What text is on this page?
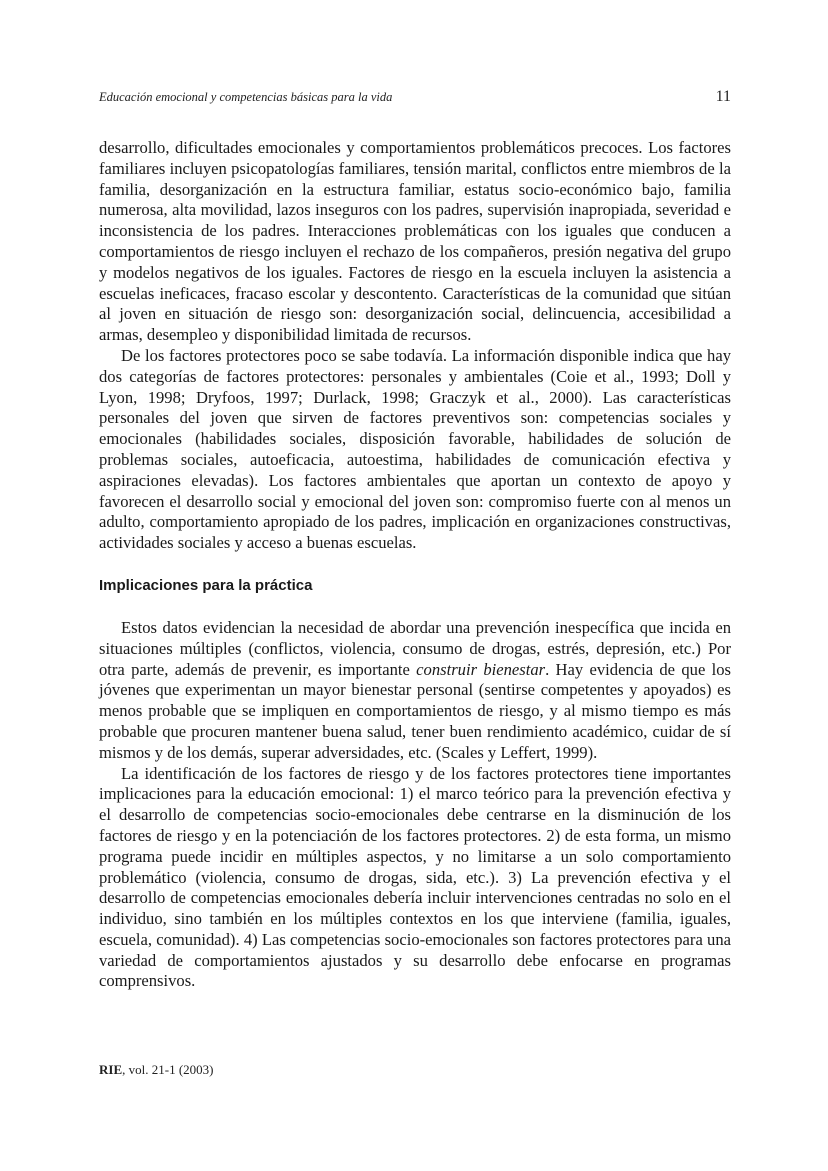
Educación emocional y competencias básicas para la vida	11

desarrollo, dificultades emocionales y comportamientos problemáticos precoces. Los factores familiares incluyen psicopatologías familiares, tensión marital, conflictos entre miembros de la familia, desorganización en la estructura familiar, estatus socio-económico bajo, familia numerosa, alta movilidad, lazos inseguros con los padres, supervisión inapropiada, severidad e inconsistencia de los padres. Interacciones problemáticas con los iguales que conducen a comportamientos de riesgo incluyen el rechazo de los compañeros, presión negativa del grupo y modelos negativos de los iguales. Factores de riesgo en la escuela incluyen la asistencia a escuelas ineficaces, fracaso escolar y descontento. Características de la comunidad que sitúan al joven en situación de riesgo son: desorganización social, delincuencia, accesibilidad a armas, desempleo y disponibilidad limitada de recursos.

De los factores protectores poco se sabe todavía. La información disponible indica que hay dos categorías de factores protectores: personales y ambientales (Coie et al., 1993; Doll y Lyon, 1998; Dryfoos, 1997; Durlack, 1998; Graczyk et al., 2000). Las características personales del joven que sirven de factores preventivos son: competencias sociales y emocionales (habilidades sociales, disposición favorable, habilidades de solución de problemas sociales, autoeficacia, autoestima, habilidades de comunicación efectiva y aspiraciones elevadas). Los factores ambientales que aportan un contexto de apoyo y favorecen el desarrollo social y emocional del joven son: compromiso fuerte con al menos un adulto, comportamiento apropiado de los padres, implicación en organizaciones constructivas, actividades sociales y acceso a buenas escuelas.

Implicaciones para la práctica

Estos datos evidencian la necesidad de abordar una prevención inespecífica que incida en situaciones múltiples (conflictos, violencia, consumo de drogas, estrés, depresión, etc.) Por otra parte, además de prevenir, es importante construir bienestar. Hay evidencia de que los jóvenes que experimentan un mayor bienestar personal (sentirse competentes y apoyados) es menos probable que se impliquen en comportamientos de riesgo, y al mismo tiempo es más probable que procuren mantener buena salud, tener buen rendimiento académico, cuidar de sí mismos y de los demás, superar adversidades, etc. (Scales y Leffert, 1999).

La identificación de los factores de riesgo y de los factores protectores tiene importantes implicaciones para la educación emocional: 1) el marco teórico para la prevención efectiva y el desarrollo de competencias socio-emocionales debe centrarse en la disminución de los factores de riesgo y en la potenciación de los factores protectores. 2) de esta forma, un mismo programa puede incidir en múltiples aspectos, y no limitarse a un solo comportamiento problemático (violencia, consumo de drogas, sida, etc.). 3) La prevención efectiva y el desarrollo de competencias emocionales debería incluir intervenciones centradas no solo en el individuo, sino también en los múltiples contextos en los que interviene (familia, iguales, escuela, comunidad). 4) Las competencias socio-emocionales son factores protectores para una variedad de comportamientos ajustados y su desarrollo debe enfocarse en programas comprensivos.

RIE, vol. 21-1 (2003)
